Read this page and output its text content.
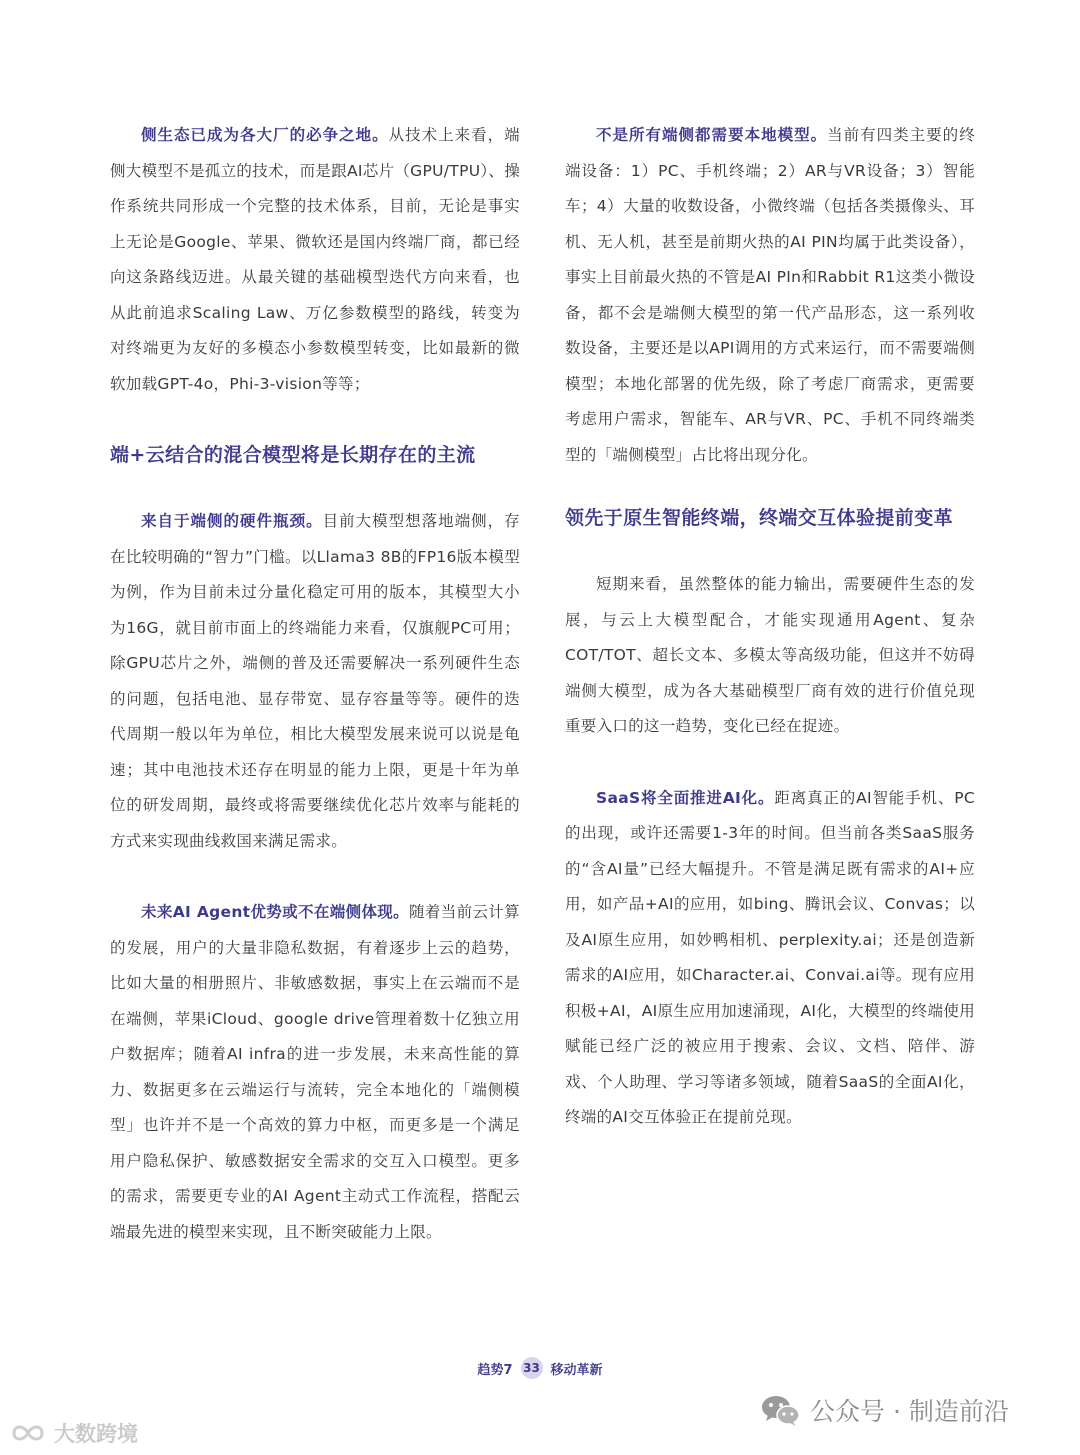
侧生态已成为各大厂的必争之地。从技术上来看，端侧大模型不是孤立的技术，而是跟AI芯片（GPU/TPU）、操作系统共同形成一个完整的技术体系，目前，无论是事实上无论是Google、苹果、微软还是国内终端厂商，都已经向这条路线迈进。从最关键的基础模型迭代方向来看，也从此前追求Scaling Law、万亿参数模型的路线，转变为对终端更为友好的多模态小参数模型转变，比如最新的微软加载GPT-4o，Phi-3-vision等等；

端+云结合的混合模型将是长期存在的主流

来自于端侧的硬件瓶颈。目前大模型想落地端侧，存在比较明确的“智力”门槛。以Llama3 8B的FP16版本模型为例，作为目前未过分量化稳定可用的版本，其模型大小为16G，就目前市面上的终端能力来看，仅旗舰PC可用；除GPU芯片之外，端侧的普及还需要解决一系列硬件生态的问题，包括电池、显存带宽、显存容量等等。硬件的迭代周期一般以年为单位，相比大模型发展来说可以说是龟速；其中电池技术还存在明显的能力上限，更是十年为单位的研发周期，最终或将需要继续优化芯片效率与能耗的方式来实现曲线救国来满足需求。

未来AI Agent优势或不在端侧体现。随着当前云计算的发展，用户的大量非隐私数据，有着逐步上云的趋势，比如大量的相册照片、非敏感数据，事实上在云端而不是在端侧，苹果iCloud、google drive管理着数十亿独立用户数据库；随着AI infra的进一步发展，未来高性能的算力、数据更多在云端运行与流转，完全本地化的「端侧模型」也许并不是一个高效的算力中枢，而更多是一个满足用户隐私保护、敏感数据安全需求的交互入口模型。更多的需求，需要更专业的AI Agent主动式工作流程，搭配云端最先进的模型来实现，且不断突破能力上限。

不是所有端侧都需要本地模型。当前有四类主要的终端设备：1）PC、手机终端；2）AR与VR设备；3）智能车；4）大量的收数设备，小微终端（包括各类摄像头、耳机、无人机，甚至是前期火热的AI PIN均属于此类设备），事实上目前最火热的不管是AI PIn和Rabbit R1这类小微设备，都不会是端侧大模型的第一代产品形态，这一系列收数设备，主要还是以API调用的方式来运行，而不需要端侧模型；本地化部署的优先级，除了考虑厂商需求，更需要考虑用户需求，智能车、AR与VR、PC、手机不同终端类型的「端侧模型」占比将出现分化。

领先于原生智能终端，终端交互体验提前变革

短期来看，虽然整体的能力输出，需要硬件生态的发展，与云上大模型配合，才能实现通用Agent、复杂COT/TOT、超长文本、多模太等高级功能，但这并不妨碍端侧大模型，成为各大基础模型厂商有效的进行价值兑现重要入口的这一趋势，变化已经在捉迹。

SaaS将全面推进AI化。距离真正的AI智能手机、PC的出现，或许还需要1-3年的时间。但当前各类SaaS服务的“含AI量”已经大幅提升。不管是满足既有需求的AI+应用，如产品+AI的应用，如bing、腾讯会议、Convas；以及AI原生应用，如妙鸭相机、perplexity.ai；还是创造新需求的AI应用，如Character.ai、Convai.ai等。现有应用积极+AI，AI原生应用加速涌现，AI化，大模型的终端使用赋能已经广泛的被应用于搜索、会议、文档、陪伴、游戏、个人助理、学习等诸多领域，随着SaaS的全面AI化，终端的AI交互体验正在提前兑现。

趋势7 33 移动革新
公众号 · 制造前沿
大数跨境
